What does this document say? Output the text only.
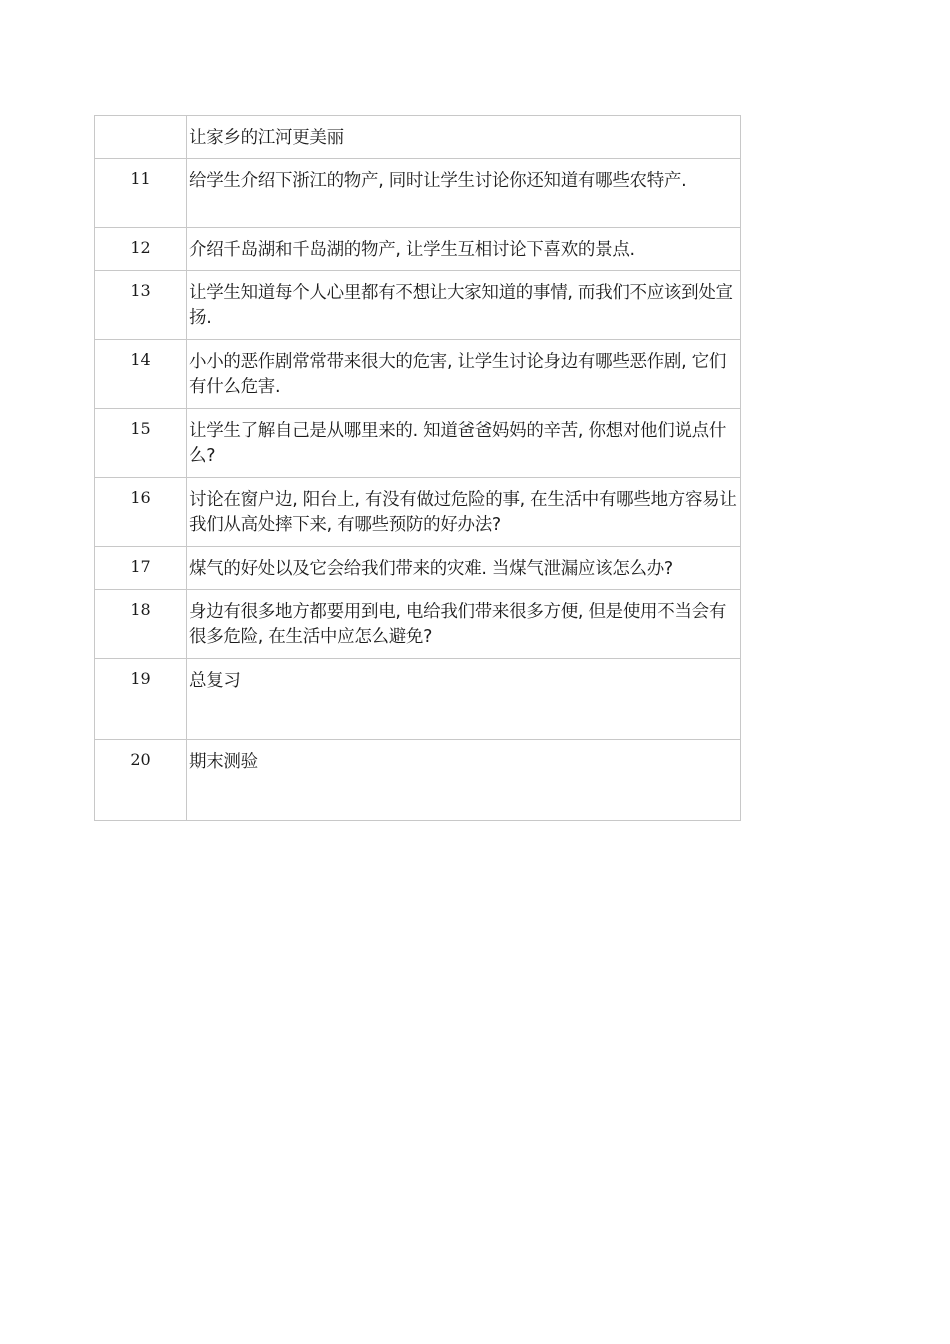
	让家乡的江河更美丽
11	给学生介绍下浙江的物产, 同时让学生讨论你还知道有哪些农特产.
12	介绍千岛湖和千岛湖的物产, 让学生互相讨论下喜欢的景点.
13	让学生知道每个人心里都有不想让大家知道的事情, 而我们不应该到处宣扬.
14	小小的恶作剧常常带来很大的危害, 让学生讨论身边有哪些恶作剧, 它们有什么危害.
15	让学生了解自己是从哪里来的. 知道爸爸妈妈的辛苦, 你想对他们说点什么?
16	讨论在窗户边, 阳台上, 有没有做过危险的事, 在生活中有哪些地方容易让我们从高处摔下来, 有哪些预防的好办法?
17	煤气的好处以及它会给我们带来的灾难. 当煤气泄漏应该怎么办?
18	身边有很多地方都要用到电, 电给我们带来很多方便, 但是使用不当会有很多危险, 在生活中应怎么避免?
19	总复习
20	期末测验
